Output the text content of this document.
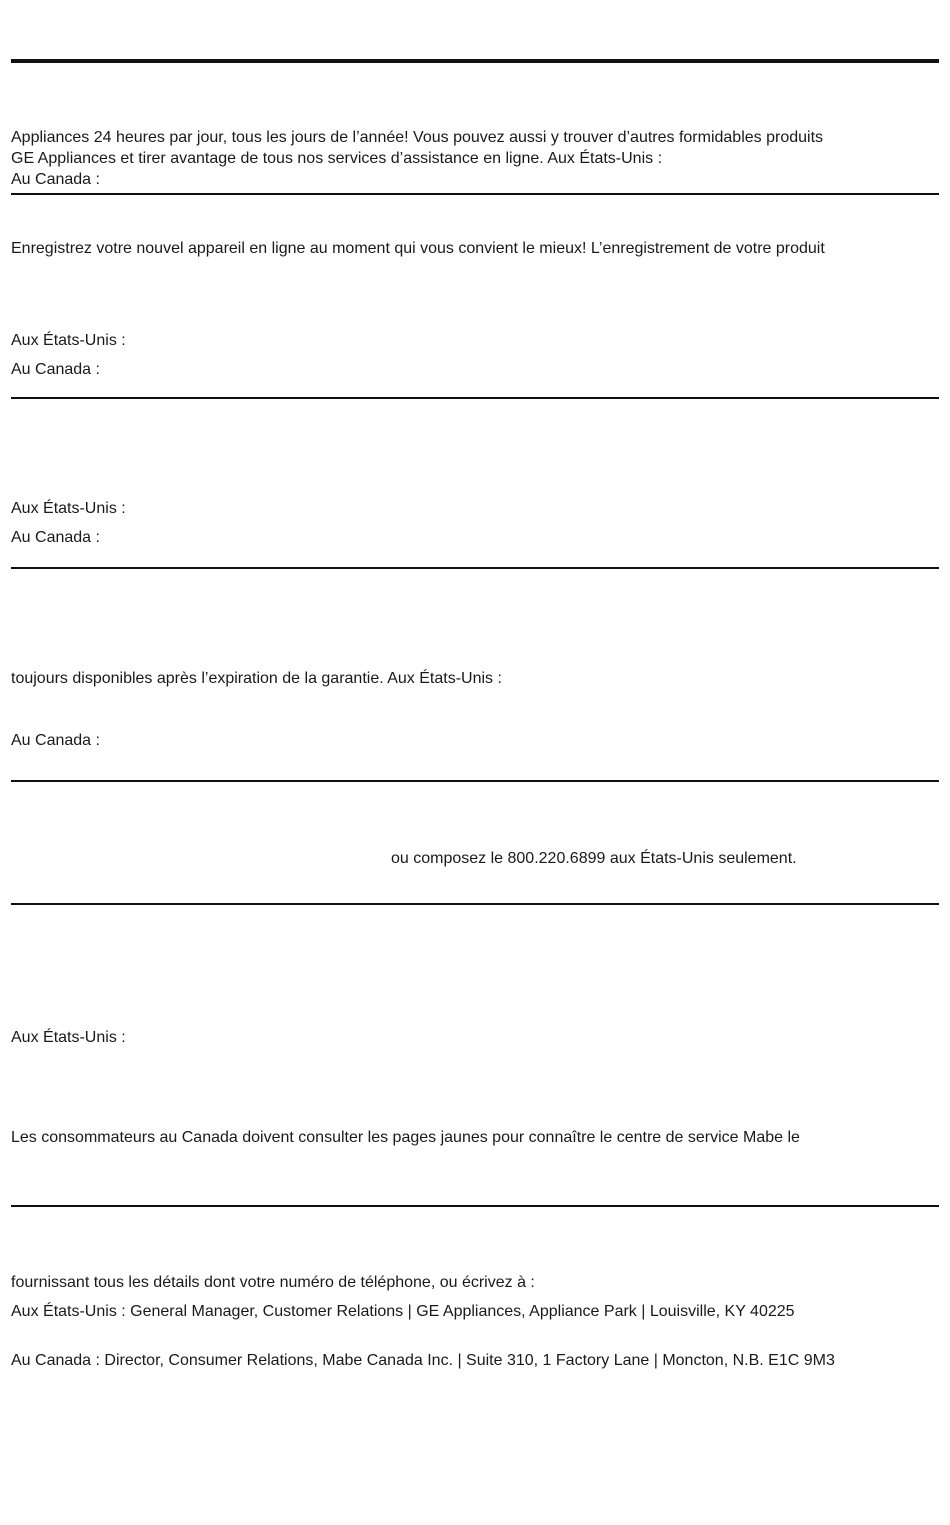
Appliances 24 heures par jour, tous les jours de l’année! Vous pouvez aussi y trouver d’autres formidables produits
GE Appliances et tirer avantage de tous nos services d’assistance en ligne. Aux États-Unis :
Au Canada :
Enregistrez votre nouvel appareil en ligne au moment qui vous convient le mieux! L’enregistrement de votre produit
Aux États-Unis :
Au Canada :
Aux États-Unis :
Au Canada :
toujours disponibles après l’expiration de la garantie. Aux États-Unis :
Au Canada :
ou composez le 800.220.6899 aux États-Unis seulement.
Aux États-Unis :
Les consommateurs au Canada doivent consulter les pages jaunes pour connaître le centre de service Mabe le
fournissant tous les détails dont votre numéro de téléphone, ou écrivez à :
Aux États-Unis : General Manager, Customer Relations | GE Appliances, Appliance Park | Louisville, KY 40225
Au Canada : Director, Consumer Relations, Mabe Canada Inc. | Suite 310, 1 Factory Lane | Moncton, N.B. E1C 9M3
